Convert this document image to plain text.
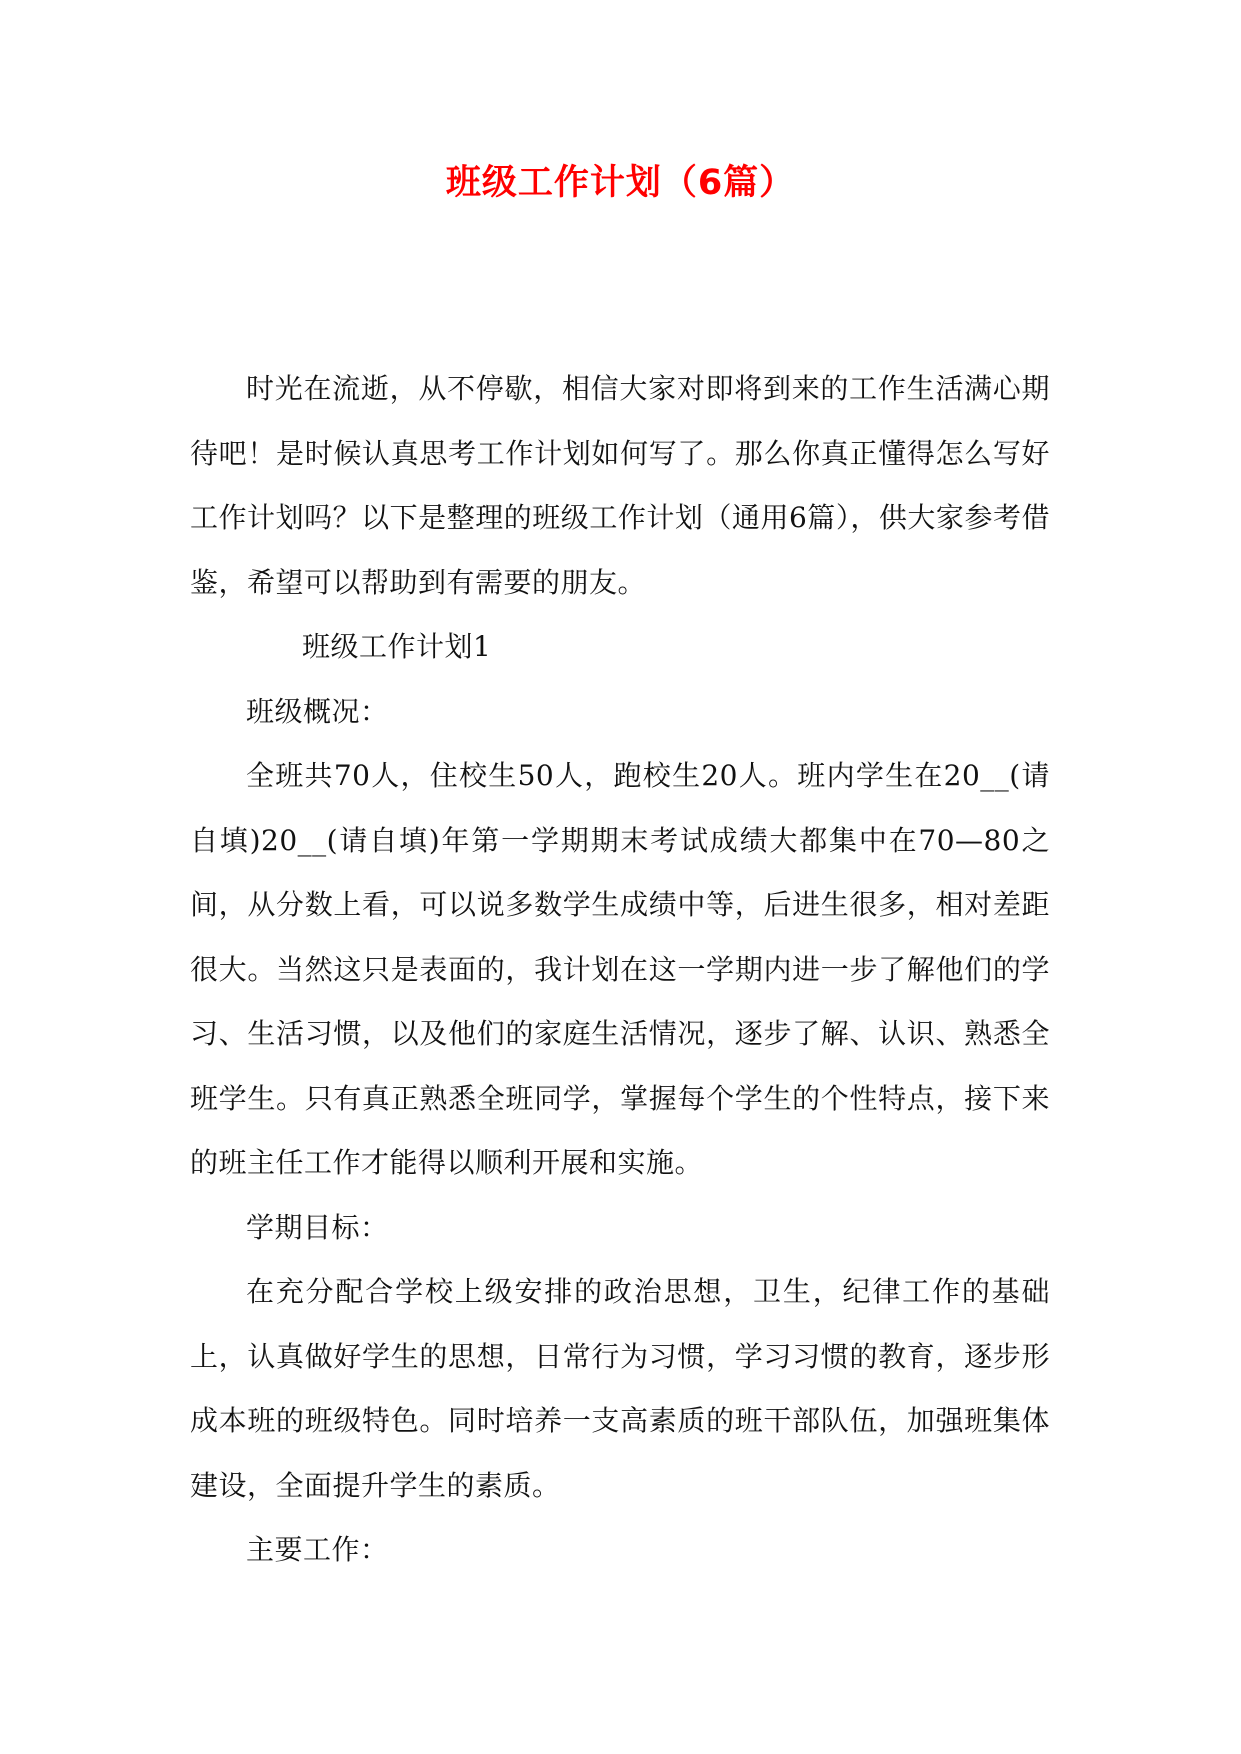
班级工作计划（6篇）

时光在流逝，从不停歇，相信大家对即将到来的工作生活满心期待吧！是时候认真思考工作计划如何写了。那么你真正懂得怎么写好工作计划吗？以下是整理的班级工作计划（通用6篇），供大家参考借鉴，希望可以帮助到有需要的朋友。

班级工作计划1

班级概况：

全班共70人，住校生50人，跑校生20人。班内学生在20__(请自填)20__(请自填)年第一学期期末考试成绩大都集中在70—80之间，从分数上看，可以说多数学生成绩中等，后进生很多，相对差距很大。当然这只是表面的，我计划在这一学期内进一步了解他们的学习、生活习惯，以及他们的家庭生活情况，逐步了解、认识、熟悉全班学生。只有真正熟悉全班同学，掌握每个学生的个性特点，接下来的班主任工作才能得以顺利开展和实施。

学期目标：

在充分配合学校上级安排的政治思想，卫生，纪律工作的基础上，认真做好学生的思想，日常行为习惯，学习习惯的教育，逐步形成本班的班级特色。同时培养一支高素质的班干部队伍，加强班集体建设，全面提升学生的素质。

主要工作：
